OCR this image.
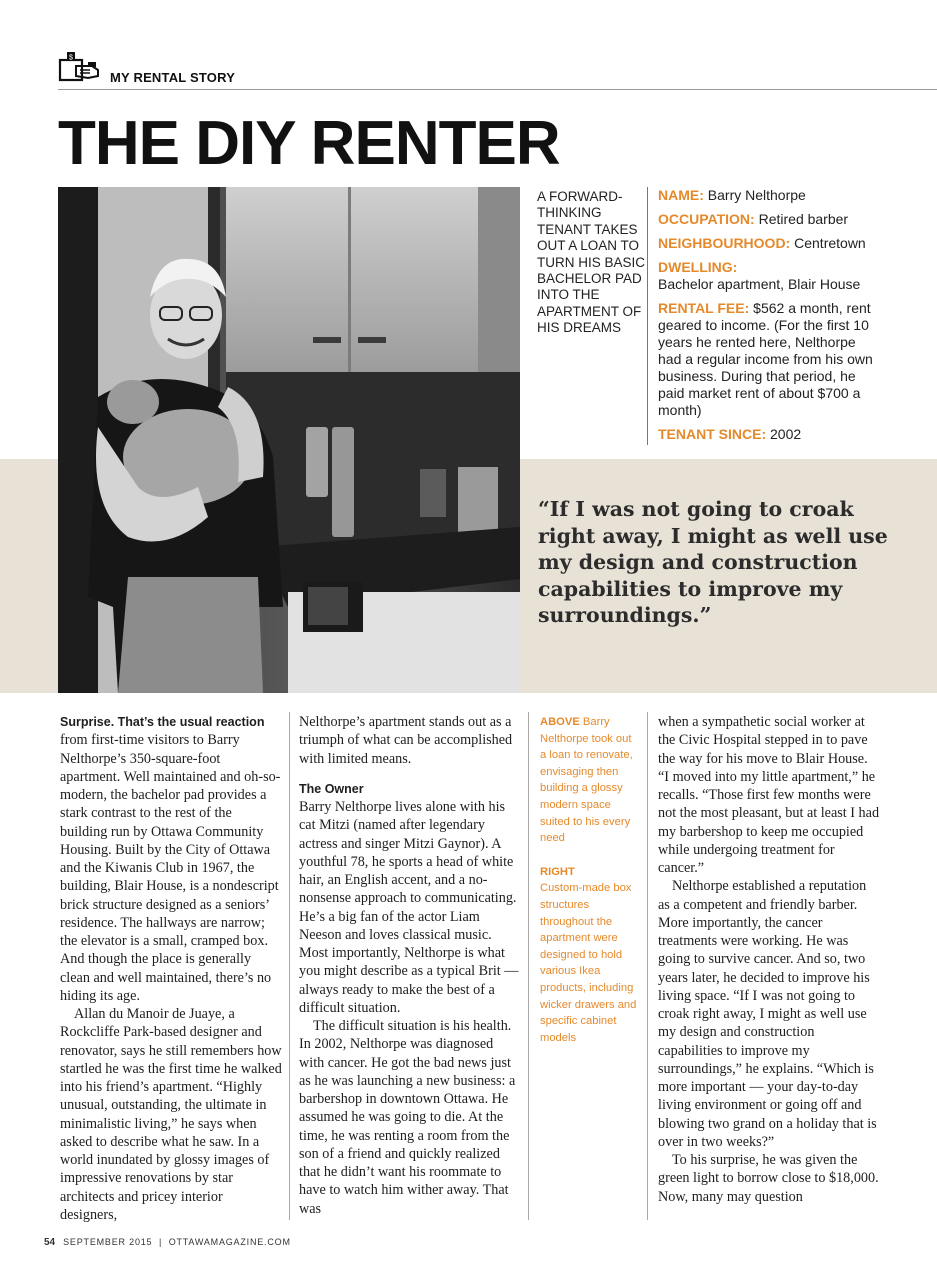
$
MY RENTAL STORY
THE DIY RENTER
A FORWARD-THINKING TENANT TAKES OUT A LOAN TO TURN HIS BASIC BACHELOR PAD INTO THE APARTMENT OF HIS DREAMS
NAME: Barry Nelthorpe
OCCUPATION: Retired barber
NEIGHBOURHOOD: Centretown
DWELLING:
Bachelor apartment, Blair House
RENTAL FEE: $562 a month, rent geared to income. (For the first 10 years he rented here, Nelthorpe had a regular income from his own business. During that period, he paid market rent of about $700 a month)
TENANT SINCE: 2002
“If I was not going to croak right away, I might as well use my design and construction capabilities to improve my surroundings.”

Surprise. That’s the usual reaction from first-time visitors to Barry Nelthorpe’s 350-square-foot apartment. Well maintained and oh-so-modern, the bachelor pad provides a stark contrast to the rest of the building run by Ottawa Community Housing. Built by the City of Ottawa and the Kiwanis Club in 1967, the building, Blair House, is a nondescript brick structure designed as a seniors’ residence. The hallways are narrow; the elevator is a small, cramped box. And though the place is generally clean and well maintained, there’s no hiding its age.

Allan du Manoir de Juaye, a Rockcliffe Park-based designer and renovator, says he still remembers how startled he was the first time he walked into his friend’s apartment. “Highly unusual, outstanding, the ultimate in minimalistic living,” he says when asked to describe what he saw. In a world inundated by glossy images of impressive renovations by star architects and pricey interior designers,

Nelthorpe’s apartment stands out as a triumph of what can be accomplished with limited means.

The Owner

Barry Nelthorpe lives alone with his cat Mitzi (named after legendary actress and singer Mitzi Gaynor). A youthful 78, he sports a head of white hair, an English accent, and a no-nonsense approach to communicating. He’s a big fan of the actor Liam Neeson and loves classical music. Most importantly, Nelthorpe is what you might describe as a typical Brit —always ready to make the best of a difficult situation.

The difficult situation is his health. In 2002, Nelthorpe was diagnosed with cancer. He got the bad news just as he was launching a new business: a barbershop in downtown Ottawa. He assumed he was going to die. At the time, he was renting a room from the son of a friend and quickly realized that he didn’t want his roommate to have to watch him wither away. That was

ABOVE Barry Nelthorpe took out a loan to renovate, envisaging then building a glossy modern space suited to his every need
RIGHT
Custom-made box structures throughout the apartment were designed to hold various Ikea products, including wicker drawers and specific cabinet models

when a sympathetic social worker at the Civic Hospital stepped in to pave the way for his move to Blair House. “I moved into my little apartment,” he recalls. “Those first few months were not the most pleasant, but at least I had my barbershop to keep me occupied while undergoing treatment for cancer.”

Nelthorpe established a reputation as a competent and friendly barber. More importantly, the cancer treatments were working. He was going to survive cancer. And so, two years later, he decided to improve his living space. “If I was not going to croak right away, I might as well use my design and construction capabilities to improve my surroundings,” he explains. “Which is more important — your day-to-day living environment or going off and blowing two grand on a holiday that is over in two weeks?”

To his surprise, he was given the green light to borrow close to $18,000. Now, many may question

54 SEPTEMBER 2015  |  OTTAWAMAGAZINE.COM
